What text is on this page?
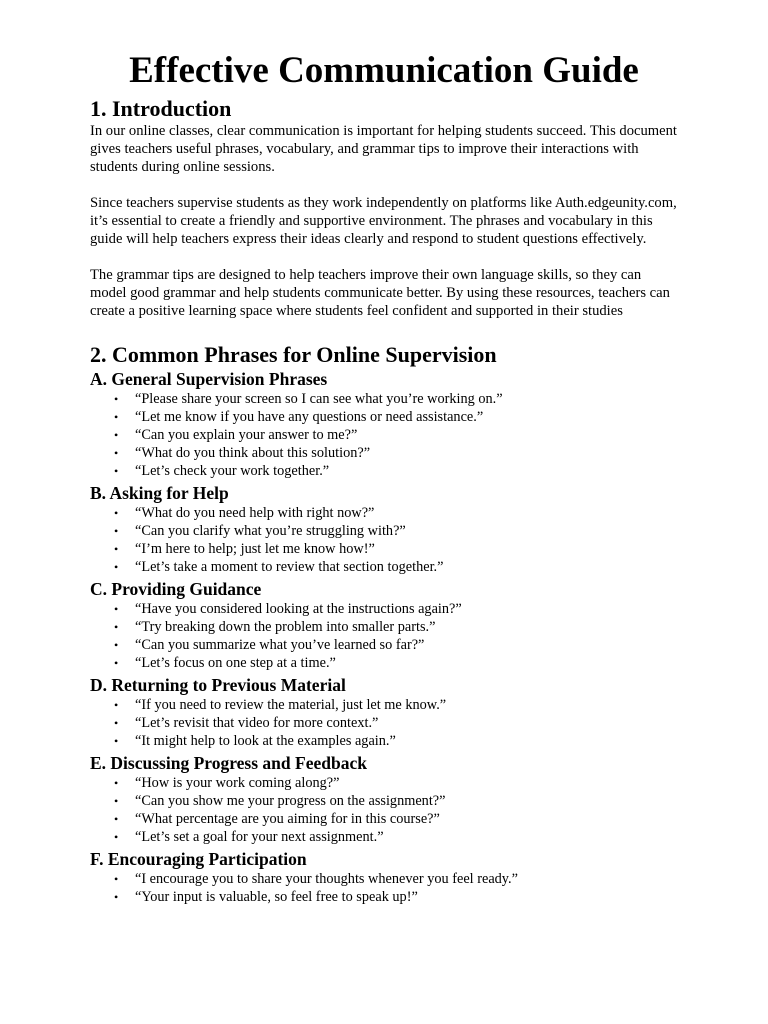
Effective Communication Guide
1. Introduction

In our online classes, clear communication is important for helping students succeed. This document gives teachers useful phrases, vocabulary, and grammar tips to improve their interactions with students during online sessions.

Since teachers supervise students as they work independently on platforms like Auth.edgeunity.com, it’s essential to create a friendly and supportive environment. The phrases and vocabulary in this guide will help teachers express their ideas clearly and respond to student questions effectively.

The grammar tips are designed to help teachers improve their own language skills, so they can model good grammar and help students communicate better. By using these resources, teachers can create a positive learning space where students feel confident and supported in their studies

2. Common Phrases for Online Supervision
A. General Supervision Phrases
• “Please share your screen so I can see what you’re working on.”
• “Let me know if you have any questions or need assistance.”
• “Can you explain your answer to me?”
• “What do you think about this solution?”
• “Let’s check your work together.”
B. Asking for Help
• “What do you need help with right now?”
• “Can you clarify what you’re struggling with?”
• “I’m here to help; just let me know how!”
• “Let’s take a moment to review that section together.”
C. Providing Guidance
• “Have you considered looking at the instructions again?”
• “Try breaking down the problem into smaller parts.”
• “Can you summarize what you’ve learned so far?”
• “Let’s focus on one step at a time.”
D. Returning to Previous Material
• “If you need to review the material, just let me know.”
• “Let’s revisit that video for more context.”
• “It might help to look at the examples again.”
E. Discussing Progress and Feedback
• “How is your work coming along?”
• “Can you show me your progress on the assignment?”
• “What percentage are you aiming for in this course?”
• “Let’s set a goal for your next assignment.”
F. Encouraging Participation
• “I encourage you to share your thoughts whenever you feel ready.”
• “Your input is valuable, so feel free to speak up!”
